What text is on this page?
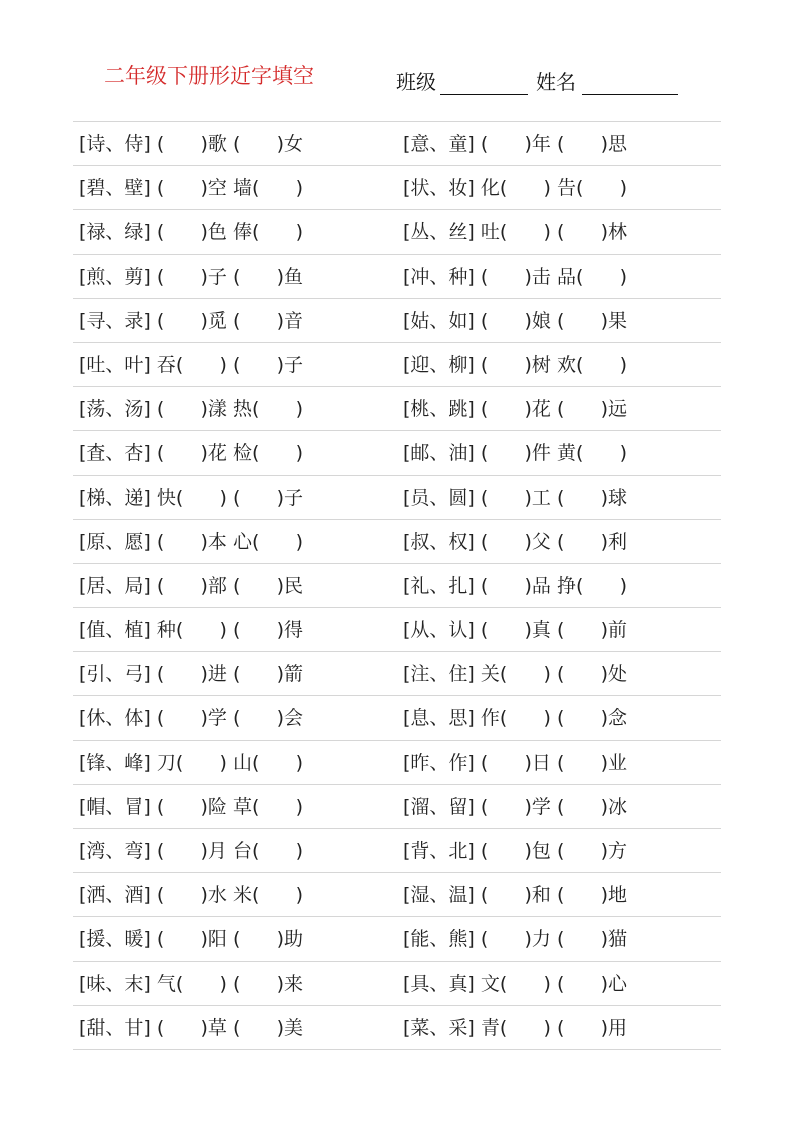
二年级下册形近字填空	班级	姓名
[诗、侍] (      )歌 (      )女	[意、童] (      )年 (      )思
[碧、壁] (      )空 墙(      )	[状、妆] 化(      ) 告(      )
[禄、绿] (      )色 俸(      )	[丛、丝] 吐(      ) (      )林
[煎、剪] (      )子 (      )鱼	[冲、种] (      )击 品(      )
[寻、录] (      )觅 (      )音	[姑、如] (      )娘 (      )果
[吐、叶] 吞(      ) (      )子	[迎、柳] (      )树 欢(      )
[荡、汤] (      )漾 热(      )	[桃、跳] (      )花 (      )远
[査、杏] (      )花 检(      )	[邮、油] (      )件 黄(      )
[梯、递] 快(      ) (      )子	[员、圆] (      )工 (      )球
[原、愿] (      )本 心(      )	[叔、权] (      )父 (      )利
[居、局] (      )部 (      )民	[礼、扎] (      )品 挣(      )
[值、植] 种(      ) (      )得	[从、认] (      )真 (      )前
[引、弓] (      )进 (      )箭	[注、住] 关(      ) (      )处
[休、体] (      )学 (      )会	[息、思] 作(      ) (      )念
[锋、峰] 刀(      ) 山(      )	[昨、作] (      )日 (      )业
[帽、冒] (      )险 草(      )	[溜、留] (      )学 (      )冰
[湾、弯] (      )月 台(      )	[背、北] (      )包 (      )方
[洒、酒] (      )水 米(      )	[湿、温] (      )和 (      )地
[援、暖] (      )阳 (      )助	[能、熊] (      )力 (      )猫
[味、末] 气(      ) (      )来	[具、真] 文(      ) (      )心
[甜、甘] (      )草 (      )美	[菜、采] 青(      ) (      )用
